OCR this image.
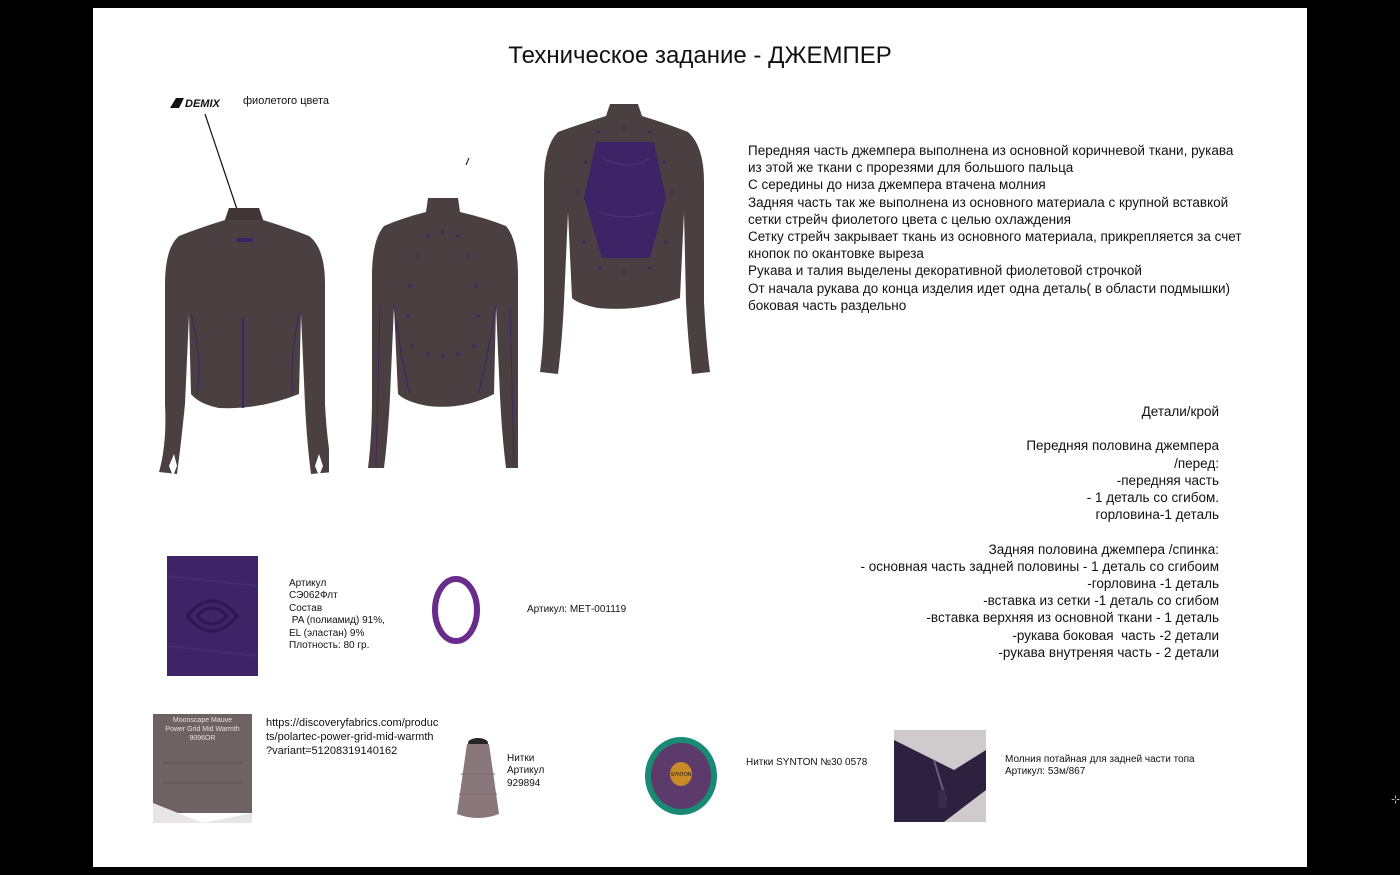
Техническое задание - ДЖЕМПЕР
DEMIX фиолетого цвета
Передняя часть джемпера выполнена из основной коричневой ткани, рукава
из этой же ткани с прорезями для большого пальца
С середины до низа джемпера втачена молния
Задняя часть так же выполнена из основного материала с крупной вставкой
сетки стрейч фиолетого цвета с целью охлаждения
Сетку стрейч закрывает ткань из основного материала, прикрепляется за счет
кнопок по окантовке выреза
Рукава и талия выделены декоративной фиолетовой строчкой
От начала рукава до конца изделия идет одна деталь( в области подмышки)
боковая часть раздельно
Детали/крой

Передняя половина джемпера
/перед:
-передняя часть
- 1 деталь со сгибом.
горловина-1 деталь

Задняя половина джемпера /спинка:
- основная часть задней половины - 1 деталь со сгибоим
-горловина -1 деталь
-вставка из сетки -1 деталь со сгибом
-вставка верхняя из основной ткани - 1 деталь
-рукава боковая  часть -2 детали
-рукава внутреняя часть - 2 детали
Артикул
СЭ062Флт
Состав
PA (полиамид) 91%,
EL (эластан) 9%
Плотность: 80 гр.
Артикул: МЕТ-001119
Moonscape Mauve
Power Grid Mid Warmth 9096OR
https://discoveryfabrics.com/produc
ts/polartec-power-grid-mid-warmth
?variant=51208319140162
Нитки
Артикул
929894
SYNTON
Нитки SYNTON №30 0578	Молния потайная для задней части топа
Артикул: 53м/867
⊹
